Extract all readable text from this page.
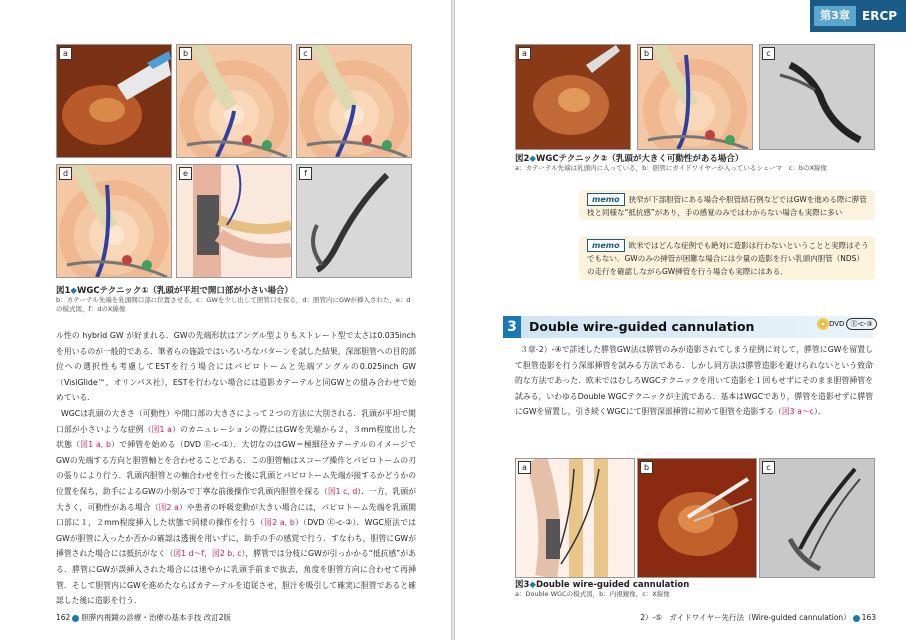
a	b	c
d	e	f
図1◆WGCテクニック①（乳頭が平坦で開口部が小さい場合）
b：カテーテル先端を乳頭開口部に位置させる，c：GWを少し出して胆管口を探る，d：胆管内にGWが挿入された，e：dの模式図，f：dのX線像
ル性の hybrid GW が好まれる．GWの先端形状はアングル型よりもストレート型で太さは0.035inchを用いるのが一般的である．筆者らの施設ではいろいろなパターンを試した結果，深部胆管への目的部位への選択性も考慮してESTを行う場合にはパピロトームと先端アングルの0.025inch GW（VisiGlide™，オリンパス社），ESTを行わない場合には造影カテーテルと同GWとの組み合わせで始めている．
WGCは乳頭の大きさ（可動性）や開口部の大きさによって２つの方法に大別される．乳頭が平坦で開口部が小さいような症例（図1 a）のカニュレーションの際にはGWを先端から２，３mm程度出した状態（図1 a, b）で挿管を始める（DVD Ⓔ-c-①）．大切なのはGW＝極細径カテーテルのイメージでGWの先端する方向と胆管軸とを合わせることである．この胆管軸はスコープ操作とパピロトームの刃の張りにより行う．乳頭内胆管との軸合わせを行った後に乳頭とパピロトーム先端が接するかどうかの位置を保ち，助手によるGWの小刻みで丁寧な前後操作で乳頭内胆管を探る（図1 c, d）．一方，乳頭が大きく，可動性がある場合（図2 a）や患者の呼吸変動が大きい場合には，パピロトーム先端を乳頭開口部に１，２mm程度挿入した状態で同様の操作を行う（図2 a, b）（DVD Ⓔ-c-②）．WGC原法ではGWが胆管に入ったか否かの確認は透視を用いずに，助手の手の感覚で行う．すなわち，胆管にGWが挿管された場合には抵抗がなく（図1 d〜f，図2 b, c），膵管では分枝にGWが引っかかる“抵抗感”がある．膵管にGWが誤挿入された場合には速やかに乳頭手前まで抜去，角度を胆管方向に合わせて再挿管．そして胆管内にGWを進めたならばカテーテルを追従させ，胆汁を吸引して確実に胆管であると確認した後に造影を行う．
162 胆膵内視鏡の診療・治療の基本手技 改訂2版
第3章	ERCP
a	b	c
図2◆WGCテクニック②（乳頭が大きく可動性がある場合）
a：カテーテル先端は乳頭内に入っている，b：胆管にガイドワイヤーが入っているシェーマ　c：bのX線像
memo 狭窄が下部胆管にある場合や胆管結石例などではGWを進める際に膵管枝と同様な“抵抗感”があり，手の感覚のみではわからない場合も実際に多い
memo 欧米ではどんな症例でも絶対に造影は行わないということと実際はそうでもない．GWのみの挿管が困難な場合には少量の造影を行い乳頭内胆管（NDS）の走行を確認しながらGW挿管を行う場合も実際にはある．
3 Double wire-guided cannulation	DVD Ⓔ-c-③
３章-2）-④で詳述した膵管GW法は膵管のみが造影されてしまう症例に対して，膵管にGWを留置して胆管造影を行う深部挿管を試みる方法である．しかし同方法は膵管造影を避けられないという致命的な方法であった．欧米ではむしろWGCテクニックを用いて造影を１回もせずにそのまま胆管挿管を試みる，いわゆるDouble WGCテクニックが主流である．基本はWGCであり，膵管を造影せずに膵管にGWを留置し，引き続くWGCにて胆管深部挿管に初めて胆管を造影する（図3 a〜c）．
a	b	c
図3◆Double wire-guided cannulation
a：Double WGCの模式図，b：内視鏡像，c：X線像
2）-⑤　ガイドワイヤー先行法（Wire-guided cannulation） 163
